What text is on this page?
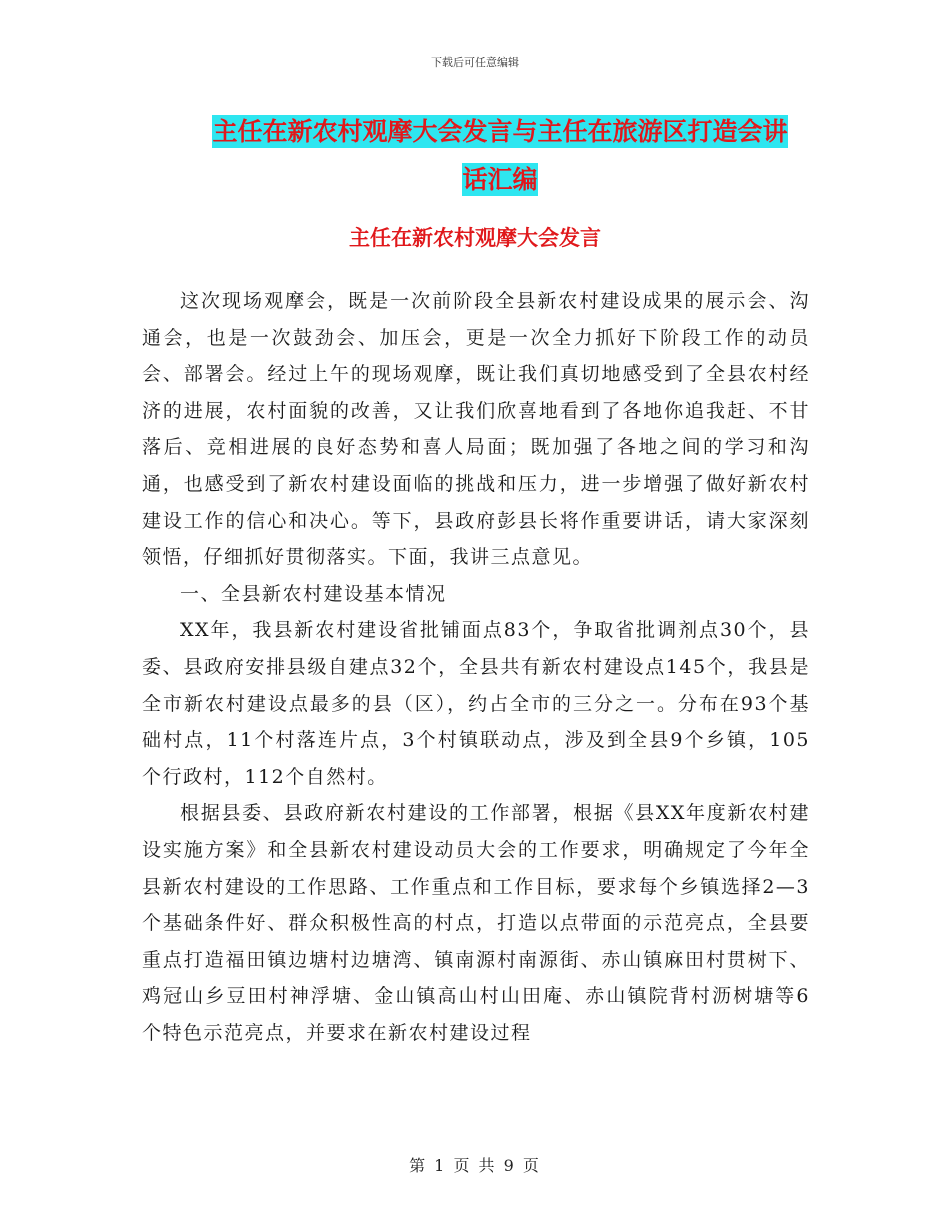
下载后可任意编辑
主任在新农村观摩大会发言与主任在旅游区打造会讲
话汇编
主任在新农村观摩大会发言

这次现场观摩会，既是一次前阶段全县新农村建设成果的展示会、沟通会，也是一次鼓劲会、加压会，更是一次全力抓好下阶段工作的动员会、部署会。经过上午的现场观摩，既让我们真切地感受到了全县农村经济的进展，农村面貌的改善，又让我们欣喜地看到了各地你追我赶、不甘落后、竞相进展的良好态势和喜人局面；既加强了各地之间的学习和沟通，也感受到了新农村建设面临的挑战和压力，进一步增强了做好新农村建设工作的信心和决心。等下，县政府彭县长将作重要讲话，请大家深刻领悟，仔细抓好贯彻落实。下面，我讲三点意见。

一、全县新农村建设基本情况

XX年，我县新农村建设省批铺面点83个，争取省批调剂点30个，县委、县政府安排县级自建点32个，全县共有新农村建设点145个，我县是全市新农村建设点最多的县（区），约占全市的三分之一。分布在93个基础村点，11个村落连片点，3个村镇联动点，涉及到全县9个乡镇，105个行政村，112个自然村。

根据县委、县政府新农村建设的工作部署，根据《县XX年度新农村建设实施方案》和全县新农村建设动员大会的工作要求，明确规定了今年全县新农村建设的工作思路、工作重点和工作目标，要求每个乡镇选择2—3个基础条件好、群众积极性高的村点，打造以点带面的示范亮点，全县要重点打造福田镇边塘村边塘湾、镇南源村南源街、赤山镇麻田村贯树下、鸡冠山乡豆田村神浮塘、金山镇高山村山田庵、赤山镇院背村沥树塘等6个特色示范亮点，并要求在新农村建设过程

第 1 页 共 9 页
